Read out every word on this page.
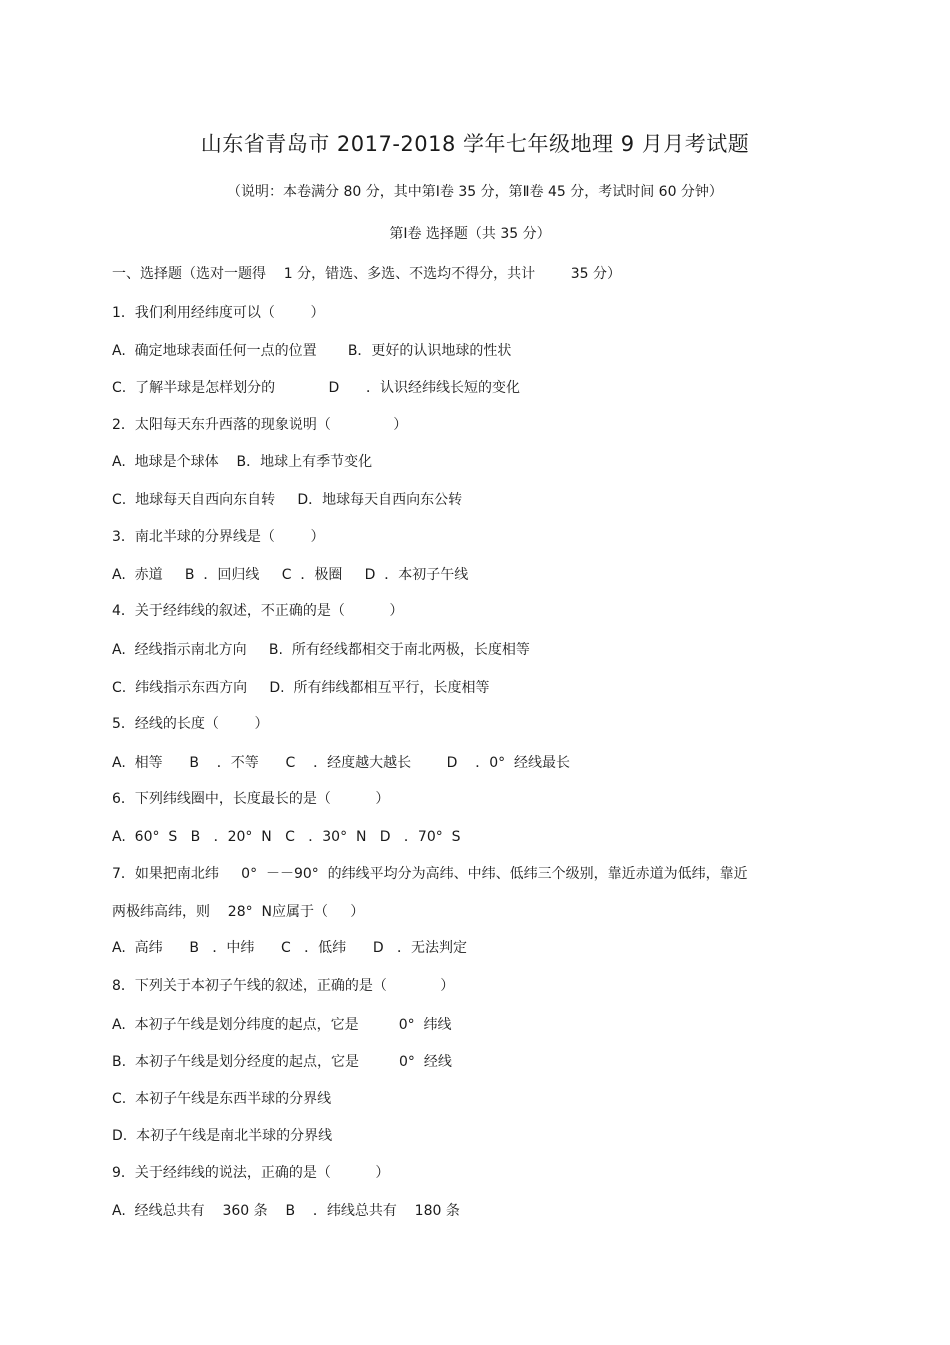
山东省青岛市 2017-2018 学年七年级地理 9 月月考试题
（说明：本卷满分 80 分，其中第Ⅰ卷 35 分，第Ⅱ卷 45 分，考试时间 60 分钟）
第Ⅰ卷 选择题（共 35 分）
一、选择题（选对一题得    1 分，错选、多选、不选均不得分，共计        35 分）
1．我们利用经纬度可以（        ）
A.  确定地球表面任何一点的位置       B．更好的认识地球的性状
C.  了解半球是怎样划分的            D      ．认识经纬线长短的变化
2．太阳每天东升西落的现象说明（              ）
A.  地球是个球体    B．地球上有季节变化
C.  地球每天自西向东自转     D．地球每天自西向东公转
3．南北半球的分界线是（        ）
A.  赤道     B  ．回归线     C  ．极圈     D  ．本初子午线
4．关于经纬线的叙述，不正确的是（          ）
A.  经线指示南北方向     B.  所有经线都相交于南北两极，长度相等
C.  纬线指示东西方向     D.  所有纬线都相互平行，长度相等
5．经线的长度（        ）
A.  相等      B    ．不等      C    ．经度越大越长        D    ．0°  经线最长
6．下列纬线圈中，长度最长的是（          ）
A.  60°  S   B   ．20°  N   C   ．30°  N   D   ．70°  S
7．如果把南北纬     0°  －－90°  的纬线平均分为高纬、中纬、低纬三个级别，靠近赤道为低纬，靠近
两极纬高纬，则    28°  N应属于（     ）
A.  高纬      B   ．中纬      C   ．低纬      D   ．无法判定
8．下列关于本初子午线的叙述，正确的是（            ）
A.  本初子午线是划分纬度的起点，它是         0°  纬线
B.  本初子午线是划分经度的起点，它是         0°  经线
C.  本初子午线是东西半球的分界线
D.  本初子午线是南北半球的分界线
9．关于经纬线的说法，正确的是（          ）
A.  经线总共有    360 条    B    ．纬线总共有    180 条
